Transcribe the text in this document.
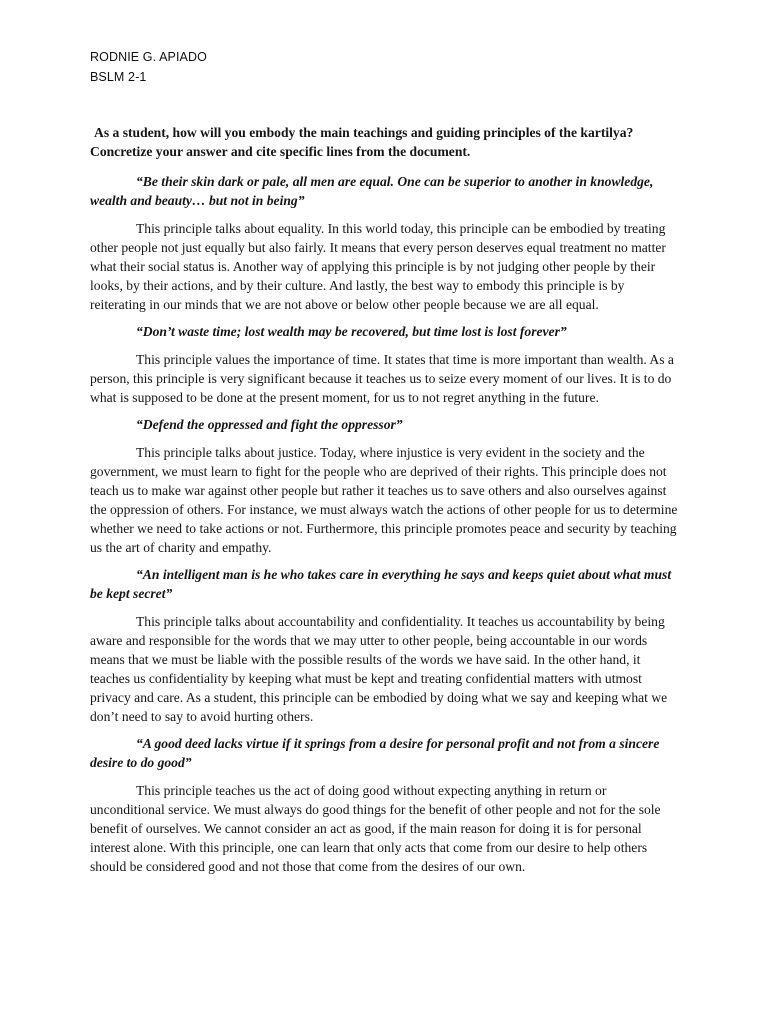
RODNIE G. APIADO
BSLM 2-1

As a student, how will you embody the main teachings and guiding principles of the kartilya? Concretize your answer and cite specific lines from the document.

“Be their skin dark or pale, all men are equal. One can be superior to another in knowledge, wealth and beauty… but not in being”

This principle talks about equality. In this world today, this principle can be embodied by treating other people not just equally but also fairly. It means that every person deserves equal treatment no matter what their social status is. Another way of applying this principle is by not judging other people by their looks, by their actions, and by their culture. And lastly, the best way to embody this principle is by reiterating in our minds that we are not above or below other people because we are all equal.

“Don’t waste time; lost wealth may be recovered, but time lost is lost forever”

This principle values the importance of time. It states that time is more important than wealth. As a person, this principle is very significant because it teaches us to seize every moment of our lives. It is to do what is supposed to be done at the present moment, for us to not regret anything in the future.

“Defend the oppressed and fight the oppressor”

This principle talks about justice. Today, where injustice is very evident in the society and the government, we must learn to fight for the people who are deprived of their rights. This principle does not teach us to make war against other people but rather it teaches us to save others and also ourselves against the oppression of others. For instance, we must always watch the actions of other people for us to determine whether we need to take actions or not. Furthermore, this principle promotes peace and security by teaching us the art of charity and empathy.

“An intelligent man is he who takes care in everything he says and keeps quiet about what must be kept secret”

This principle talks about accountability and confidentiality. It teaches us accountability by being aware and responsible for the words that we may utter to other people, being accountable in our words means that we must be liable with the possible results of the words we have said. In the other hand, it teaches us confidentiality by keeping what must be kept and treating confidential matters with utmost privacy and care. As a student, this principle can be embodied by doing what we say and keeping what we don’t need to say to avoid hurting others.

“A good deed lacks virtue if it springs from a desire for personal profit and not from a sincere desire to do good”

This principle teaches us the act of doing good without expecting anything in return or unconditional service. We must always do good things for the benefit of other people and not for the sole benefit of ourselves. We cannot consider an act as good, if the main reason for doing it is for personal interest alone. With this principle, one can learn that only acts that come from our desire to help others should be considered good and not those that come from the desires of our own.
